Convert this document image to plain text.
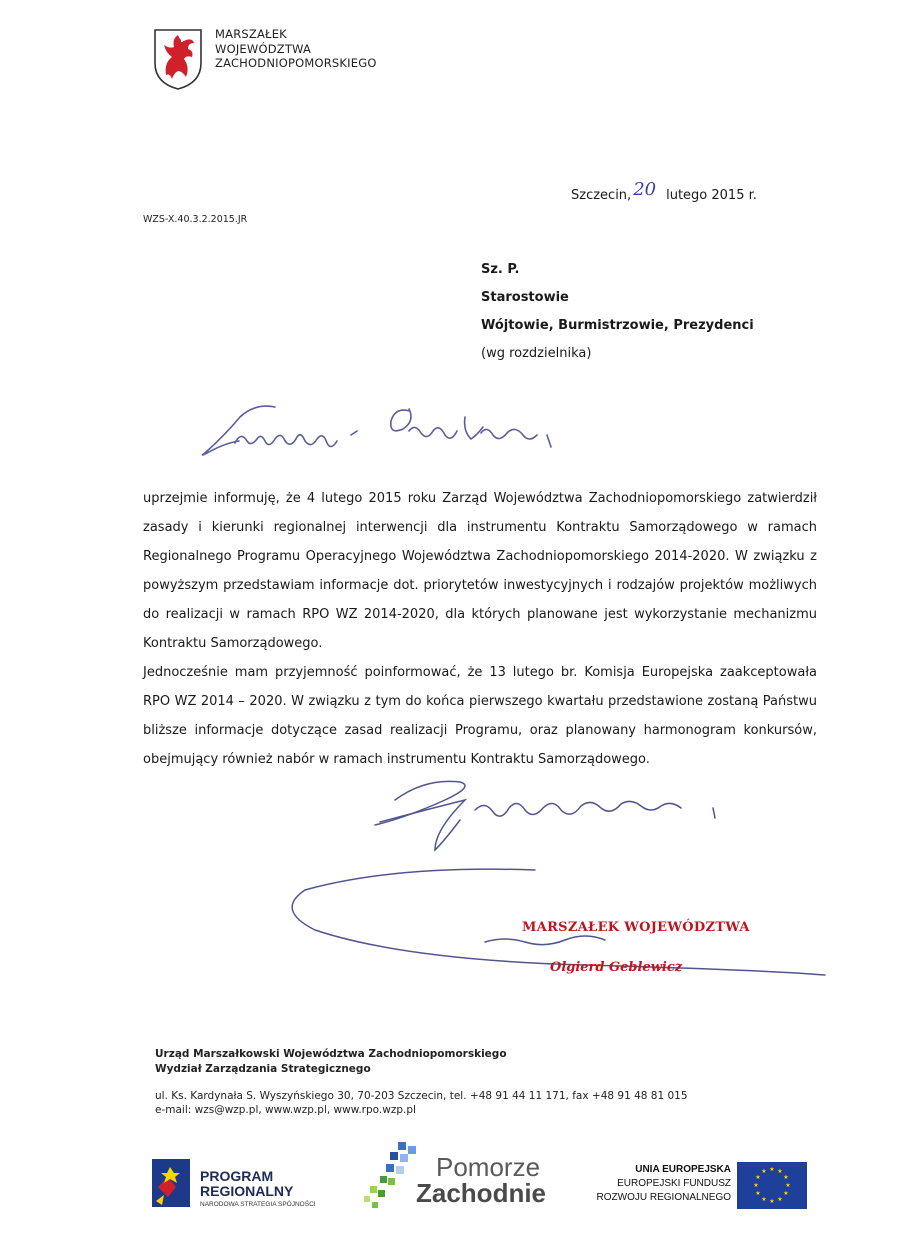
MARSZAŁEK
WOJEWÓDZTWA
ZACHODNIOPOMORSKIEGO
Szczecin, 20 lutego 2015 r.
WZS-X.40.3.2.2015.JR
Sz. P.
Starostowie
Wójtowie, Burmistrzowie, Prezydenci
(wg rozdzielnika)

uprzejmie informuję, że 4 lutego 2015 roku Zarząd Województwa Zachodniopomorskiego zatwierdził zasady i kierunki regionalnej interwencji dla instrumentu Kontraktu Samorządowego w ramach Regionalnego Programu Operacyjnego Województwa Zachodniopomorskiego 2014-2020. W związku z powyższym przedstawiam informacje dot. priorytetów inwestycyjnych i rodzajów projektów możliwych do realizacji w ramach RPO WZ 2014-2020, dla których planowane jest wykorzystanie mechanizmu Kontraktu Samorządowego.

Jednocześnie mam przyjemność poinformować, że 13 lutego br. Komisja Europejska zaakceptowała RPO WZ 2014 – 2020. W związku z tym do końca pierwszego kwartału przedstawione zostaną Państwu bliższe informacje dotyczące zasad realizacji Programu, oraz planowany harmonogram konkursów, obejmujący również nabór w ramach instrumentu Kontraktu Samorządowego.

MARSZAŁEK WOJEWÓDZTWA
Olgierd Geblewicz
Urząd Marszałkowski Województwa Zachodniopomorskiego
Wydział Zarządzania Strategicznego
ul. Ks. Kardynała S. Wyszyńskiego 30, 70-203 Szczecin, tel. +48 91 44 11 171, fax +48 91 48 81 015
e-mail: wzs@wzp.pl, www.wzp.pl, www.rpo.wzp.pl
PROGRAM
REGIONALNY
NARODOWA STRATEGIA SPÓJNOŚCI
Pomorze
Zachodnie
UNIA EUROPEJSKA
EUROPEJSKI FUNDUSZ
ROZWOJU REGIONALNEGO
★ ★
★
★
★
★
★
★
★
★
★
★
